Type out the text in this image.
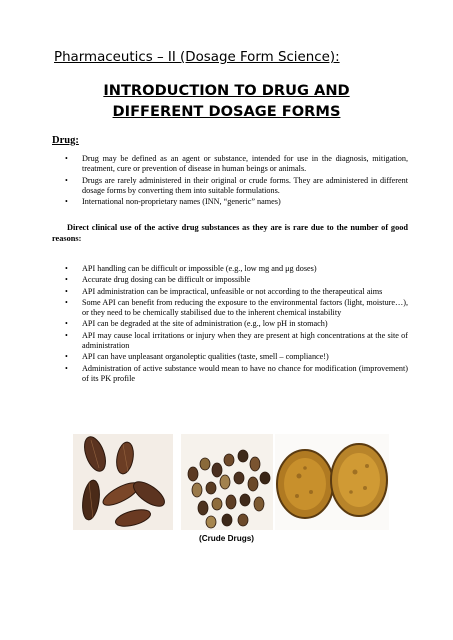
Pharmaceutics – II (Dosage Form Science):
INTRODUCTION TO DRUG AND
DIFFERENT DOSAGE FORMS
Drug:
• Drug may be defined as an agent or substance, intended for use in the diagnosis, mitigation, treatment, cure or prevention of disease in human beings or animals.
• Drugs are rarely administered in their original or crude forms. They are administered in different dosage forms by converting them into suitable formulations.
• International non-proprietary names (INN, “generic” names)
Direct clinical use of the active drug substances as they are is rare due to the number of good reasons:
• API handling can be difficult or impossible (e.g., low mg and μg doses)
• Accurate drug dosing can be difficult or impossible
• API administration can be impractical, unfeasible or not according to the therapeutical aims
• Some API can benefit from reducing the exposure to the environmental factors (light, moisture…), or they need to be chemically stabilised due to the inherent chemical instability
• API can be degraded at the site of administration (e.g., low pH in stomach)
• API may cause local irritations or injury when they are present at high concentrations at the site of administration
• API can have unpleasant organoleptic qualities (taste, smell – compliance!)
• Administration of active substance would mean to have no chance for modification (improvement) of its PK profile
(Crude Drugs)
